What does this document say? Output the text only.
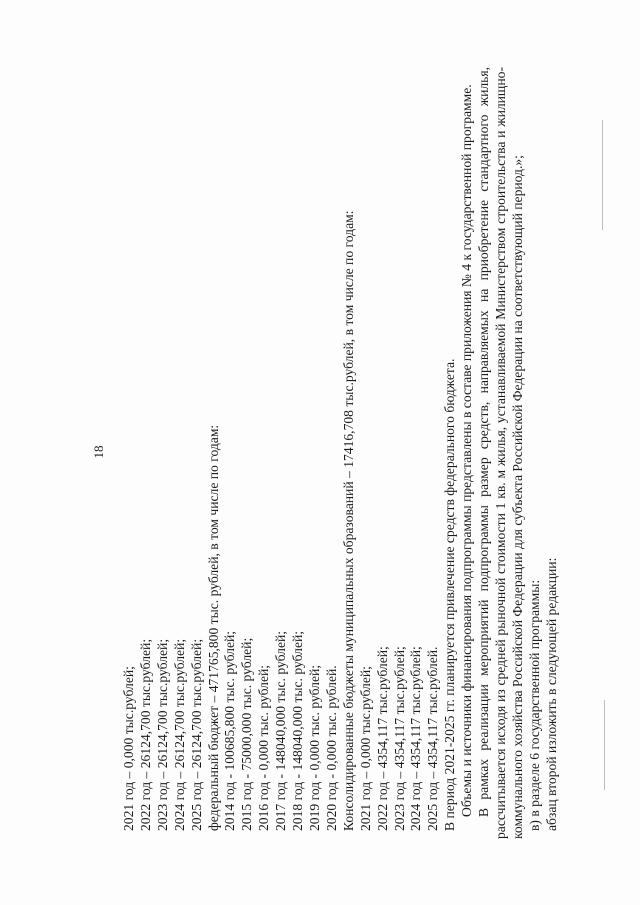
18
2021 год – 0,000 тыс.рублей; 2022 год – 26124,700 тыс.рублей; 2023 год – 26124,700 тыс.рублей; 2024 год – 26124,700 тыс.рублей; 2025 год – 26124,700 тыс.рублей; федеральный бюджет – 471765,800 тыс. рублей, в том числе по годам: 2014 год - 100685,800 тыс. рублей; 2015 год - 75000,000 тыс. рублей; 2016 год - 0,000 тыс. рублей; 2017 год - 148040,000 тыс. рублей; 2018 год - 148040,000 тыс. рублей; 2019 год - 0,000 тыс. рублей; 2020 год - 0,000 тыс. рублей. Консолидированные бюджеты муниципальных образований – 17416,708 тыс.рублей, в том числе по годам: 2021 год – 0,000 тыс.рублей; 2022 год – 4354,117 тыс.рублей; 2023 год – 4354,117 тыс.рублей; 2024 год – 4354,117 тыс.рублей; 2025 год – 4354,117 тыс.рублей. В период 2021-2025 гг. планируется привлечение средств федерального бюджета. Объемы и источники финансирования подпрограммы представлены в составе приложения № 4 к государственной программе. В рамках реализации мероприятий подпрограммы размер средств, направляемых на приобретение стандартного жилья, рассчитывается исходя из средней рыночной стоимости 1 кв. м жилья, устанавливаемой Министерством строительства и жилищно-коммунального хозяйства Российской Федерации для субъекта Российской Федерации на соответствующий период.»; в) в разделе 6 государственной программы: абзац второй изложить в следующей редакции:
